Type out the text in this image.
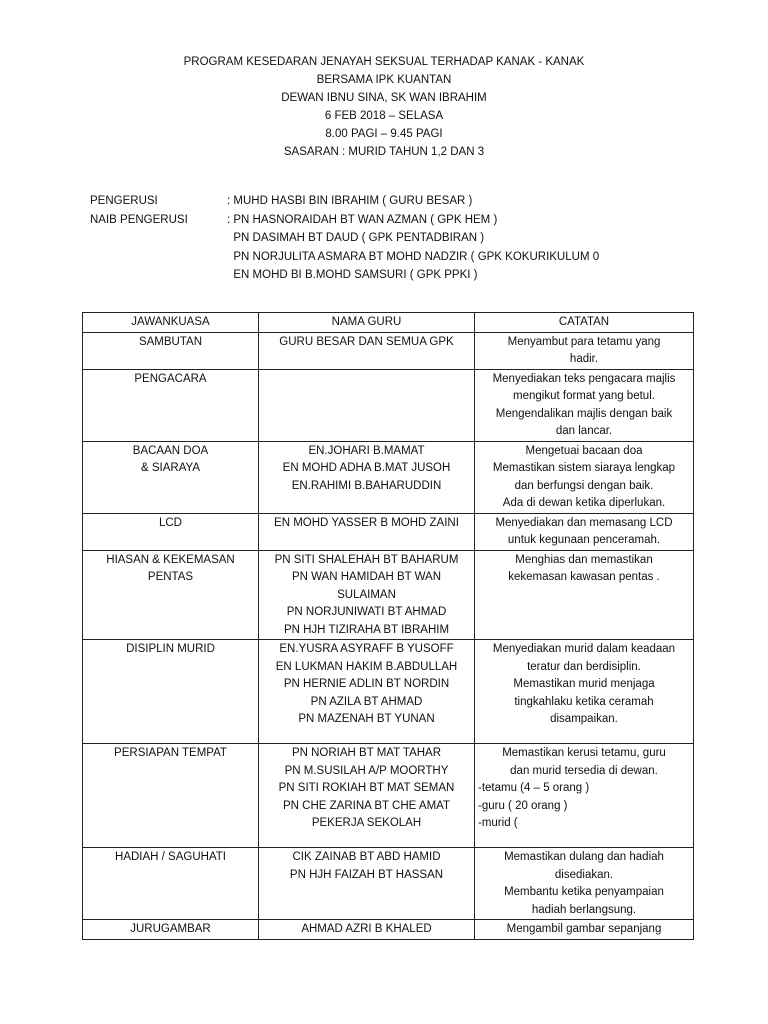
PROGRAM KESEDARAN JENAYAH SEKSUAL TERHADAP KANAK - KANAK
BERSAMA IPK KUANTAN
DEWAN IBNU SINA, SK WAN IBRAHIM
6 FEB 2018 – SELASA
8.00 PAGI – 9.45 PAGI
SASARAN : MURID TAHUN 1,2 DAN 3
PENGERUSI	: MUHD HASBI BIN IBRAHIM ( GURU BESAR )
NAIB PENGERUSI	: PN HASNORAIDAH BT WAN AZMAN ( GPK HEM )
PN DASIMAH BT DAUD ( GPK PENTADBIRAN )
PN NORJULITA ASMARA BT MOHD NADZIR ( GPK KOKURIKULUM 0
EN MOHD BI B.MOHD SAMSURI ( GPK PPKI )
JAWANKUASA	NAMA GURU	CATATAN

SAMBUTAN	GURU BESAR DAN SEMUA GPK	Menyambut para tetamu yang
hadir.

PENGACARA		Menyediakan teks pengacara majlis
mengikut format yang betul.
Mengendalikan majlis dengan baik
dan lancar.

BACAAN DOA
& SIARAYA	EN.JOHARI B.MAMAT
EN MOHD ADHA B.MAT JUSOH
EN.RAHIMI B.BAHARUDDIN	Mengetuai bacaan doa
Memastikan sistem siaraya lengkap
dan berfungsi dengan baik.
Ada di dewan ketika diperlukan.

LCD	EN MOHD YASSER B MOHD ZAINI	Menyediakan dan memasang LCD
untuk kegunaan penceramah.

HIASAN & KEKEMASAN
PENTAS	PN SITI SHALEHAH BT BAHARUM
PN WAN HAMIDAH BT WAN SULAIMAN
PN NORJUNIWATI BT AHMAD
PN HJH TIZIRAHA BT IBRAHIM	Menghias dan memastikan
kekemasan kawasan pentas .

DISIPLIN MURID	EN.YUSRA ASYRAFF B YUSOFF
EN LUKMAN HAKIM B.ABDULLAH
PN HERNIE ADLIN BT NORDIN
PN AZILA BT AHMAD
PN MAZENAH BT YUNAN	Menyediakan murid dalam keadaan
teratur dan berdisiplin.
Memastikan murid menjaga
tingkahlaku ketika ceramah
disampaikan.

PERSIAPAN TEMPAT	PN NORIAH BT MAT TAHAR
PN M.SUSILAH A/P MOORTHY
PN SITI ROKIAH BT MAT SEMAN
PN CHE ZARINA BT CHE AMAT
PEKERJA SEKOLAH	Memastikan kerusi tetamu, guru
dan murid tersedia di dewan.
-tetamu (4 – 5 orang )
-guru ( 20 orang )
-murid (

HADIAH / SAGUHATI	CIK ZAINAB BT ABD HAMID
PN HJH FAIZAH BT HASSAN	Memastikan dulang dan hadiah
disediakan.
Membantu ketika penyampaian
hadiah berlangsung.

JURUGAMBAR	AHMAD AZRI B KHALED	Mengambil gambar sepanjang
